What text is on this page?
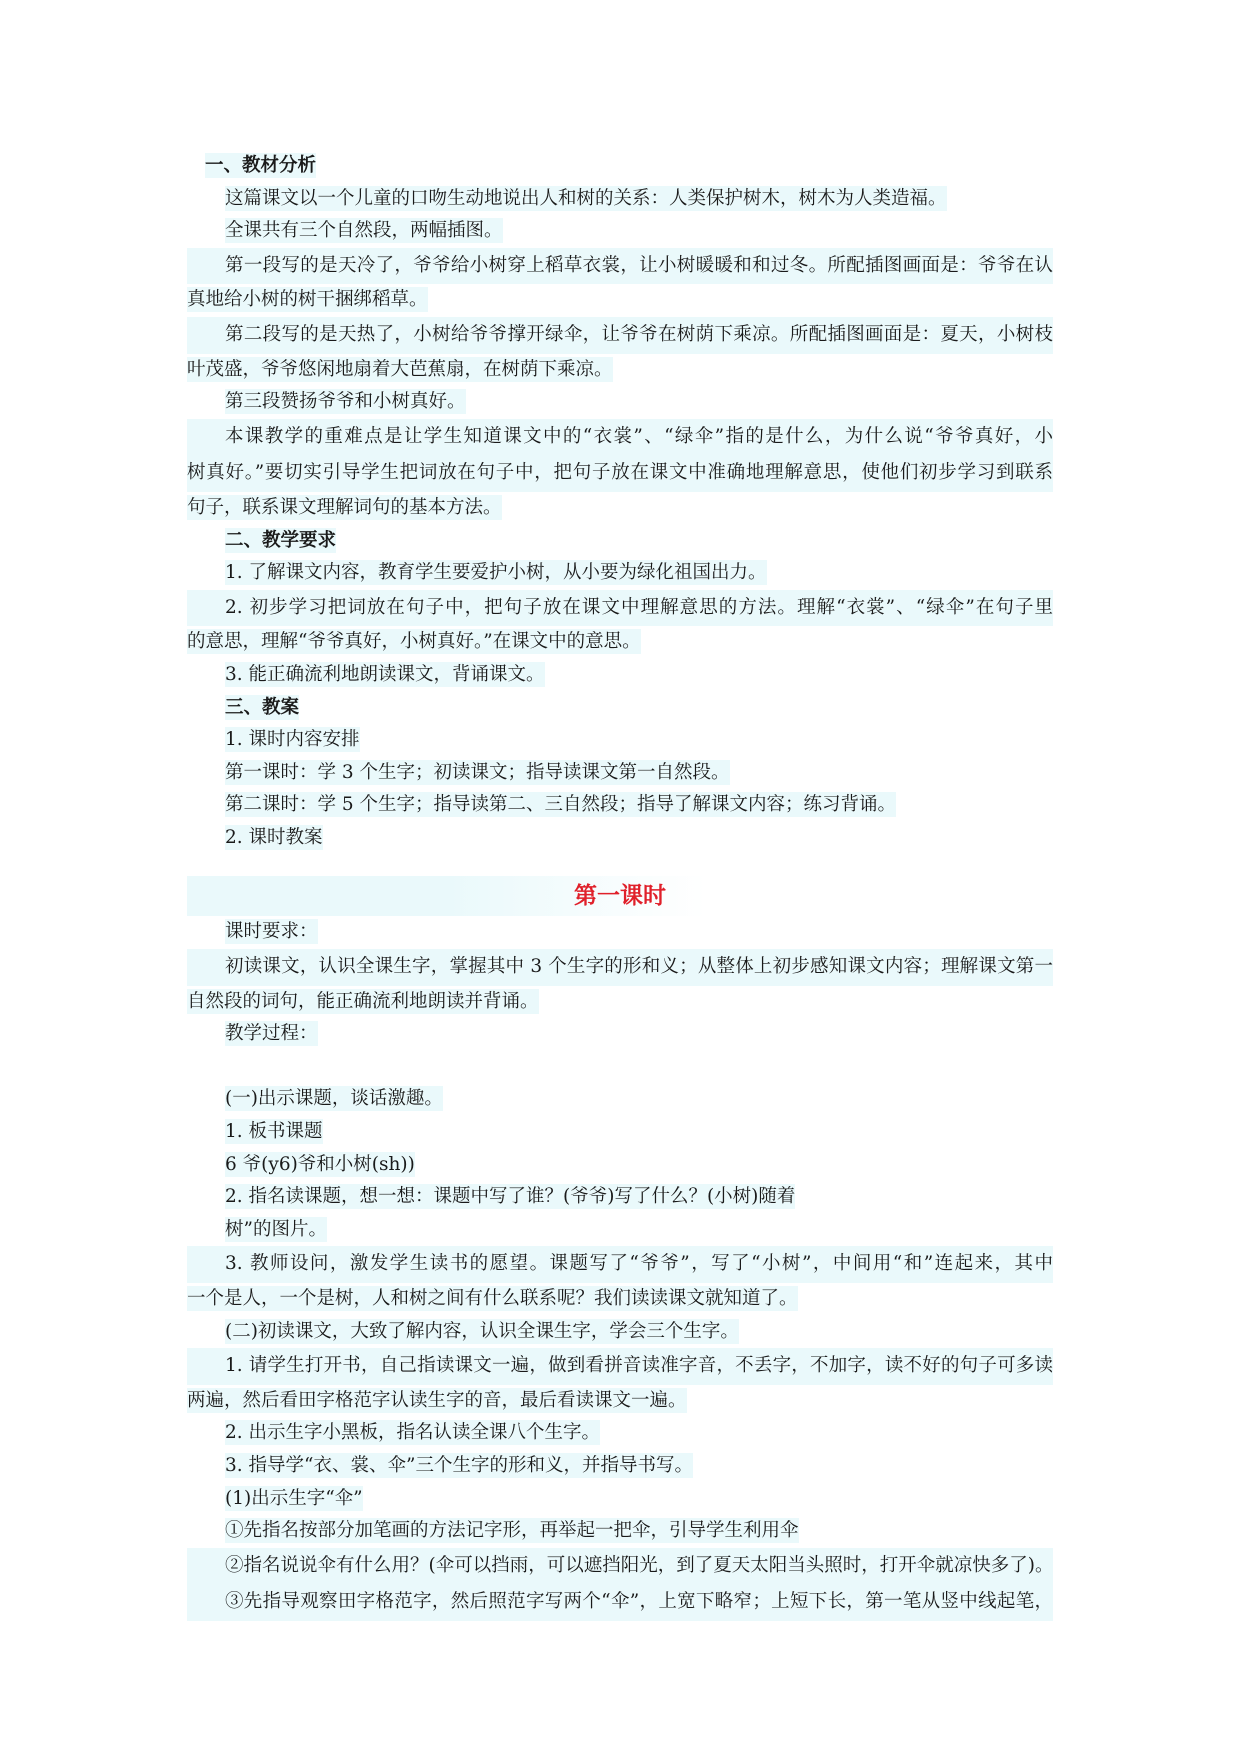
一、教材分析
这篇课文以一个儿童的口吻生动地说出人和树的关系：人类保护树木，树木为人类造福。
全课共有三个自然段，两幅插图。
第一段写的是天冷了，爷爷给小树穿上稻草衣裳，让小树暖暖和和过冬。所配插图画面是：爷爷在认
真地给小树的树干捆绑稻草。
第二段写的是天热了，小树给爷爷撑开绿伞，让爷爷在树荫下乘凉。所配插图画面是：夏天，小树枝
叶茂盛，爷爷悠闲地扇着大芭蕉扇，在树荫下乘凉。
第三段赞扬爷爷和小树真好。
本课教学的重难点是让学生知道课文中的“衣裳”、“绿伞”指的是什么，为什么说“爷爷真好，小
树真好。”要切实引导学生把词放在句子中，把句子放在课文中准确地理解意思，使他们初步学习到联系
句子，联系课文理解词句的基本方法。
二、教学要求
1. 了解课文内容，教育学生要爱护小树，从小要为绿化祖国出力。
2. 初步学习把词放在句子中，把句子放在课文中理解意思的方法。理解“衣裳”、“绿伞”在句子里
的意思，理解“爷爷真好，小树真好。”在课文中的意思。
3. 能正确流利地朗读课文，背诵课文。
三、教案
1. 课时内容安排
第一课时：学 3 个生字；初读课文；指导读课文第一自然段。
第二课时：学 5 个生字；指导读第二、三自然段；指导了解课文内容；练习背诵。
2. 课时教案
第一课时
课时要求：
初读课文，认识全课生字，掌握其中 3 个生字的形和义；从整体上初步感知课文内容；理解课文第一
自然段的词句，能正确流利地朗读并背诵。
教学过程：
(一)出示课题，谈话激趣。
1. 板书课题
6 爷(y6)爷和小树(sh))
2. 指名读课题，想一想：课题中写了谁？(爷爷)写了什么？(小树)随着
树”的图片。
3. 教师设问，激发学生读书的愿望。课题写了“爷爷”，写了“小树”，中间用“和”连起来，其中
一个是人，一个是树，人和树之间有什么联系呢？我们读读课文就知道了。
(二)初读课文，大致了解内容，认识全课生字，学会三个生字。
1. 请学生打开书，自己指读课文一遍，做到看拼音读准字音，不丢字，不加字，读不好的句子可多读
两遍，然后看田字格范字认读生字的音，最后看读课文一遍。
2. 出示生字小黑板，指名认读全课八个生字。
3. 指导学“衣、裳、伞”三个生字的形和义，并指导书写。
(1)出示生字“伞”
①先指名按部分加笔画的方法记字形，再举起一把伞，引导学生利用伞
②指名说说伞有什么用？(伞可以挡雨，可以遮挡阳光，到了夏天太阳当头照时，打开伞就凉快多了)。
③先指导观察田字格范字，然后照范字写两个“伞”，上宽下略窄；上短下长，第一笔从竖中线起笔，
